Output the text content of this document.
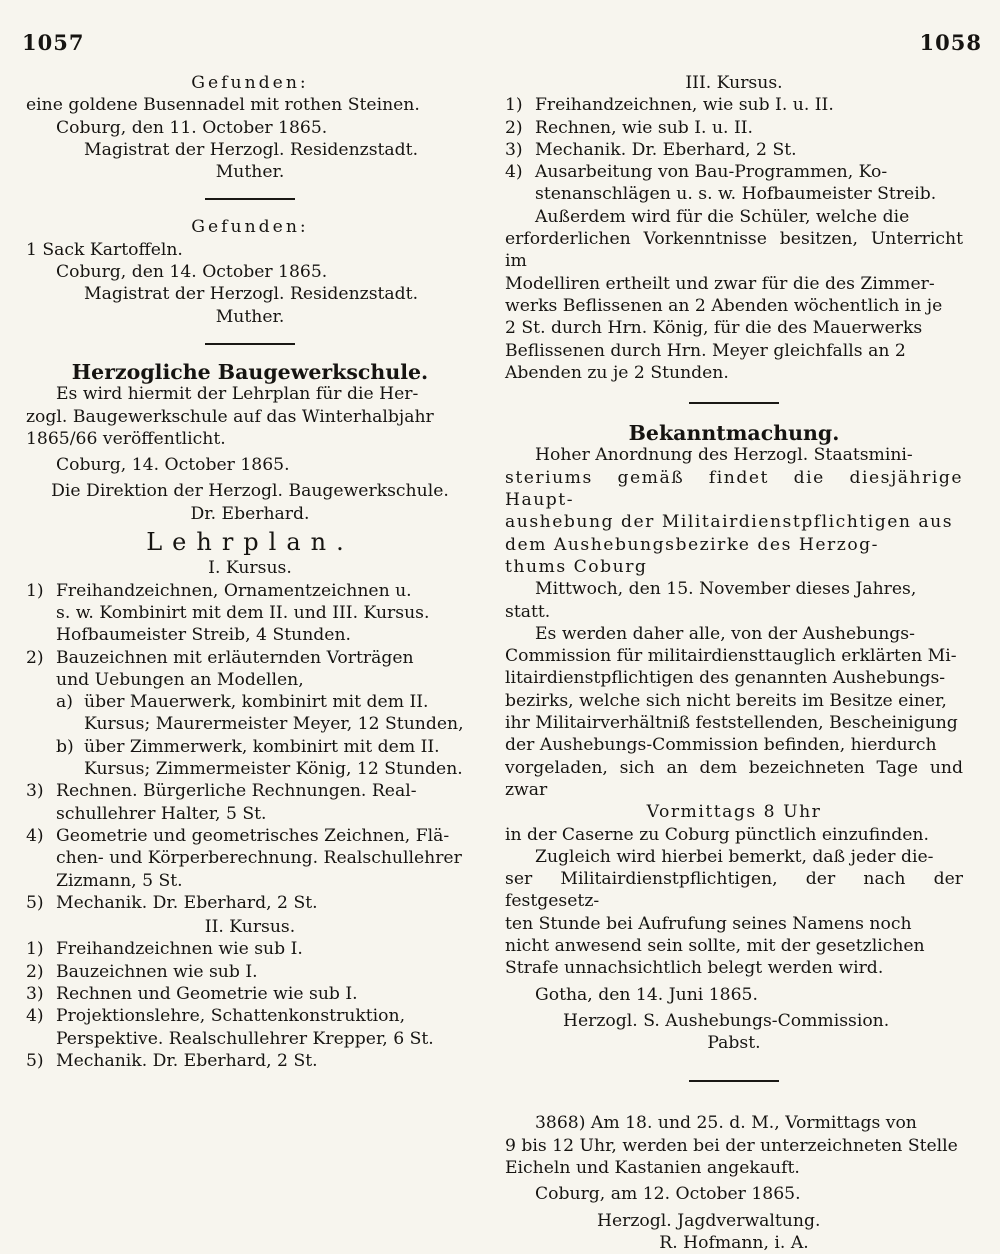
1057	1058

Gefunden:

eine goldene Busennadel mit rothen Steinen.

Coburg, den 11. October 1865.

Magistrat der Herzogl. Residenzstadt.

Muther.

Gefunden:

1 Sack Kartoffeln.

Coburg, den 14. October 1865.

Magistrat der Herzogl. Residenzstadt.

Muther.

Herzogliche Baugewerkschule.

Es wird hiermit der Lehrplan für die Her-

zogl. Baugewerkschule auf das Winterhalbjahr

1865/66 veröffentlicht.

Coburg, 14. October 1865.

Die Direktion der Herzogl. Baugewerkschule.

Dr. Eberhard.

Lehrplan.

I. Kursus.

1) Freihandzeichnen, Ornamentzeichnen u.

s. w. Kombinirt mit dem II. und III. Kursus.

Hofbaumeister Streib, 4 Stunden.

2) Bauzeichnen mit erläuternden Vorträgen

und Uebungen an Modellen,

a) über Mauerwerk, kombinirt mit dem II.

Kursus; Maurermeister Meyer, 12 Stunden,

b) über Zimmerwerk, kombinirt mit dem II.

Kursus; Zimmermeister König, 12 Stunden.

3) Rechnen. Bürgerliche Rechnungen. Real-

schullehrer Halter, 5 St.

4) Geometrie und geometrisches Zeichnen, Flä-

chen- und Körperberechnung. Realschullehrer

Zizmann, 5 St.

5) Mechanik. Dr. Eberhard, 2 St.

II. Kursus.

1) Freihandzeichnen wie sub I.

2) Bauzeichnen wie sub I.

3) Rechnen und Geometrie wie sub I.

4) Projektionslehre, Schattenkonstruktion,

Perspektive. Realschullehrer Krepper, 6 St.

5) Mechanik. Dr. Eberhard, 2 St.

III. Kursus.

1) Freihandzeichnen, wie sub I. u. II.

2) Rechnen, wie sub I. u. II.

3) Mechanik. Dr. Eberhard, 2 St.

4) Ausarbeitung von Bau-Programmen, Ko-

stenanschlägen u. s. w. Hofbaumeister Streib.

Außerdem wird für die Schüler, welche die

erforderlichen Vorkenntnisse besitzen, Unterricht im

Modelliren ertheilt und zwar für die des Zimmer-

werks Beflissenen an 2 Abenden wöchentlich in je

2 St. durch Hrn. König, für die des Mauerwerks

Beflissenen durch Hrn. Meyer gleichfalls an 2

Abenden zu je 2 Stunden.

Bekanntmachung.

Hoher Anordnung des Herzogl. Staatsmini-

steriums gemäß findet die diesjährige Haupt-

aushebung der Militairdienstpflichtigen aus

dem Aushebungsbezirke des Herzog-

thums Coburg

Mittwoch, den 15. November dieses Jahres,

statt.

Es werden daher alle, von der Aushebungs-

Commission für militairdiensttauglich erklärten Mi-

litairdienstpflichtigen des genannten Aushebungs-

bezirks, welche sich nicht bereits im Besitze einer,

ihr Militairverhältniß feststellenden, Bescheinigung

der Aushebungs-Commission befinden, hierdurch

vorgeladen, sich an dem bezeichneten Tage und zwar

Vormittags 8 Uhr

in der Caserne zu Coburg pünctlich einzufinden.

Zugleich wird hierbei bemerkt, daß jeder die-

ser Militairdienstpflichtigen, der nach der festgesetz-

ten Stunde bei Aufrufung seines Namens noch

nicht anwesend sein sollte, mit der gesetzlichen

Strafe unnachsichtlich belegt werden wird.

Gotha, den 14. Juni 1865.

Herzogl. S. Aushebungs-Commission.

Pabst.

3868) Am 18. und 25. d. M., Vormittags von

9 bis 12 Uhr, werden bei der unterzeichneten Stelle

Eicheln und Kastanien angekauft.

Coburg, am 12. October 1865.

Herzogl. Jagdverwaltung.

R. Hofmann, i. A.
